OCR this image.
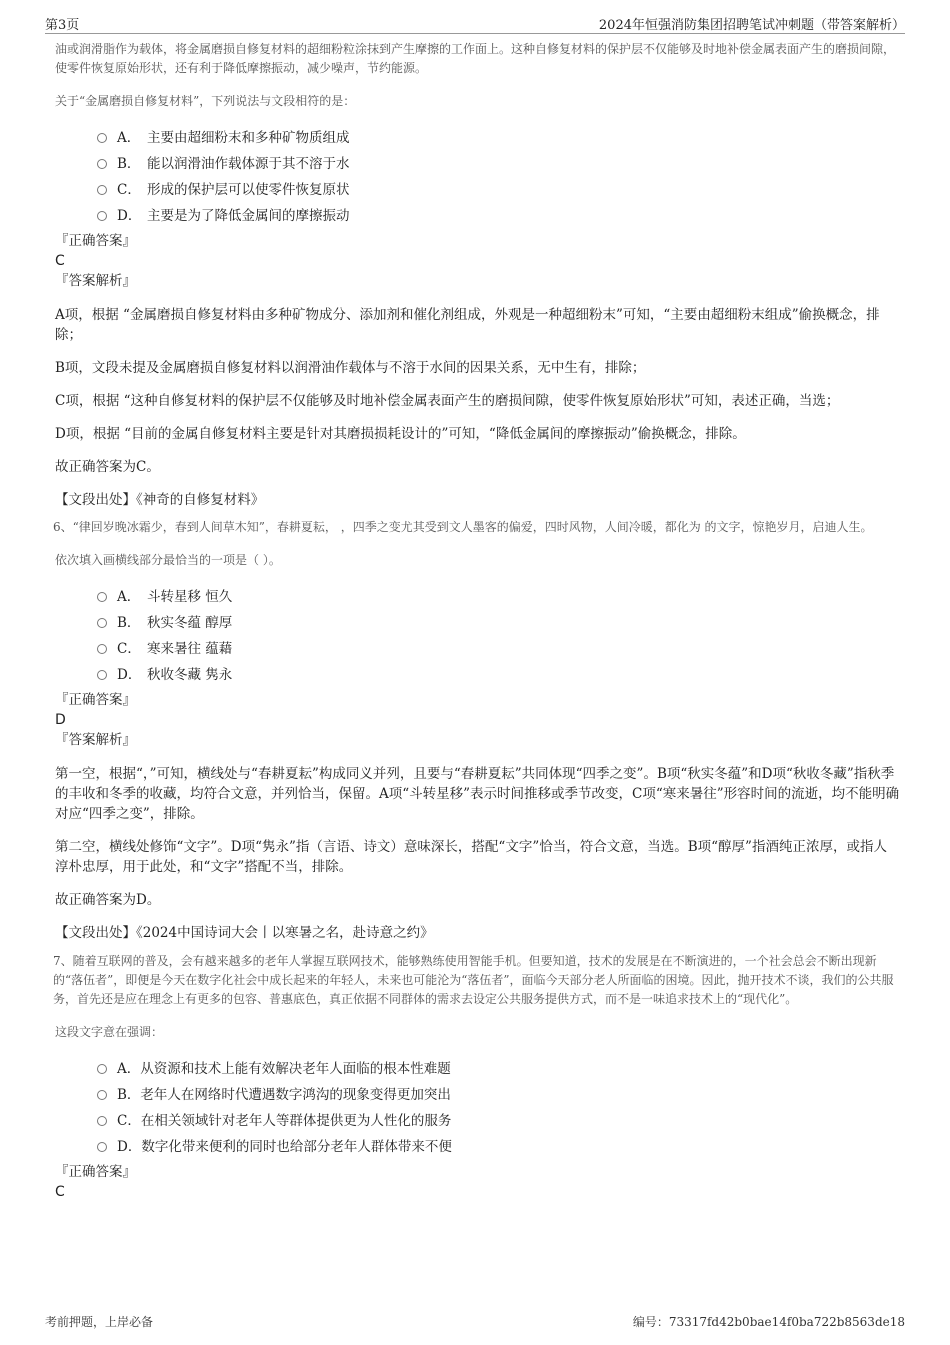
第3页	2024年恒强消防集团招聘笔试冲刺题（带答案解析）

油或润滑脂作为载体，将金属磨损自修复材料的超细粉粒涂抹到产生摩擦的工作面上。这种自修复材料的保护层不仅能够及时地补偿金属表面产生的磨损间隙，使零件恢复原始形状，还有利于降低摩擦振动，减少噪声，节约能源。

关于“金属磨损自修复材料”，下列说法与文段相符的是：

A． 主要由超细粉末和多种矿物质组成
B． 能以润滑油作载体源于其不溶于水
C． 形成的保护层可以使零件恢复原状
D． 主要是为了降低金属间的摩擦振动

『正确答案』

C

『答案解析』

A项，根据 “金属磨损自修复材料由多种矿物成分、添加剂和催化剂组成，外观是一种超细粉末”可知，“主要由超细粉末组成”偷换概念，排除；

B项，文段未提及金属磨损自修复材料以润滑油作载体与不溶于水间的因果关系，无中生有，排除；

C项，根据 “这种自修复材料的保护层不仅能够及时地补偿金属表面产生的磨损间隙，使零件恢复原始形状”可知，表述正确，当选；

D项，根据 “目前的金属自修复材料主要是针对其磨损损耗设计的”可知，“降低金属间的摩擦振动”偷换概念，排除。

故正确答案为C。

【文段出处】《神奇的自修复材料》

6、“律回岁晚冰霜少，春到人间草木知”，春耕夏耘， ，四季之变尤其受到文人墨客的偏爱，四时风物，人间冷暖，都化为 的文字，惊艳岁月，启迪人生。

依次填入画横线部分最恰当的一项是（ ）。

A． 斗转星移 恒久
B． 秋实冬蕴 醇厚
C． 寒来暑往 蕴藉
D． 秋收冬藏 隽永

『正确答案』

D

『答案解析』

第一空，根据“，”可知，横线处与“春耕夏耘”构成同义并列，且要与“春耕夏耘”共同体现“四季之变”。B项“秋实冬蕴”和D项“秋收冬藏”指秋季的丰收和冬季的收藏，均符合文意，并列恰当，保留。A项“斗转星移”表示时间推移或季节改变，C项“寒来暑往”形容时间的流逝，均不能明确对应“四季之变”，排除。

第二空，横线处修饰“文字”。D项“隽永”指（言语、诗文）意味深长，搭配“文字”恰当，符合文意，当选。B项“醇厚”指酒纯正浓厚，或指人淳朴忠厚，用于此处，和“文字”搭配不当，排除。

故正确答案为D。

【文段出处】《2024中国诗词大会丨以寒暑之名，赴诗意之约》

7、随着互联网的普及，会有越来越多的老年人掌握互联网技术，能够熟练使用智能手机。但要知道，技术的发展是在不断演进的，一个社会总会不断出现新的“落伍者”，即便是今天在数字化社会中成长起来的年轻人，未来也可能沦为“落伍者”，面临今天部分老人所面临的困境。因此，抛开技术不谈，我们的公共服务，首先还是应在理念上有更多的包容、普惠底色，真正依据不同群体的需求去设定公共服务提供方式，而不是一味追求技术上的“现代化”。

这段文字意在强调：

A． 从资源和技术上能有效解决老年人面临的根本性难题
B． 老年人在网络时代遭遇数字鸿沟的现象变得更加突出
C． 在相关领域针对老年人等群体提供更为人性化的服务
D． 数字化带来便利的同时也给部分老年人群体带来不便

『正确答案』

C

考前押题，上岸必备	编号：73317fd42b0bae14f0ba722b8563de18
